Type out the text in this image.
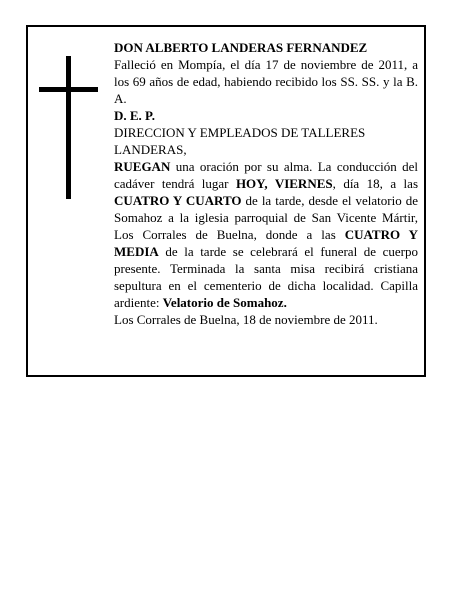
DON ALBERTO LANDERAS FERNANDEZ

Falleció en Mompía, el día 17 de noviembre de 2011, a los 69 años de edad, habiendo recibido los SS. SS. y la B. A.

D. E. P.

DIRECCION Y EMPLEADOS DE TALLERES LANDERAS,

RUEGAN una oración por su alma. La conducción del cadáver tendrá lugar HOY, VIERNES, día 18, a las CUATRO Y CUARTO de la tarde, desde el velatorio de Somahoz a la iglesia parroquial de San Vicente Mártir, Los Corrales de Buelna, donde a las CUATRO Y MEDIA de la tarde se celebrará el funeral de cuerpo presente. Terminada la santa misa recibirá cristiana sepultura en el cementerio de dicha localidad. Capilla ardiente: Velatorio de Somahoz.

Los Corrales de Buelna, 18 de noviembre de 2011.
